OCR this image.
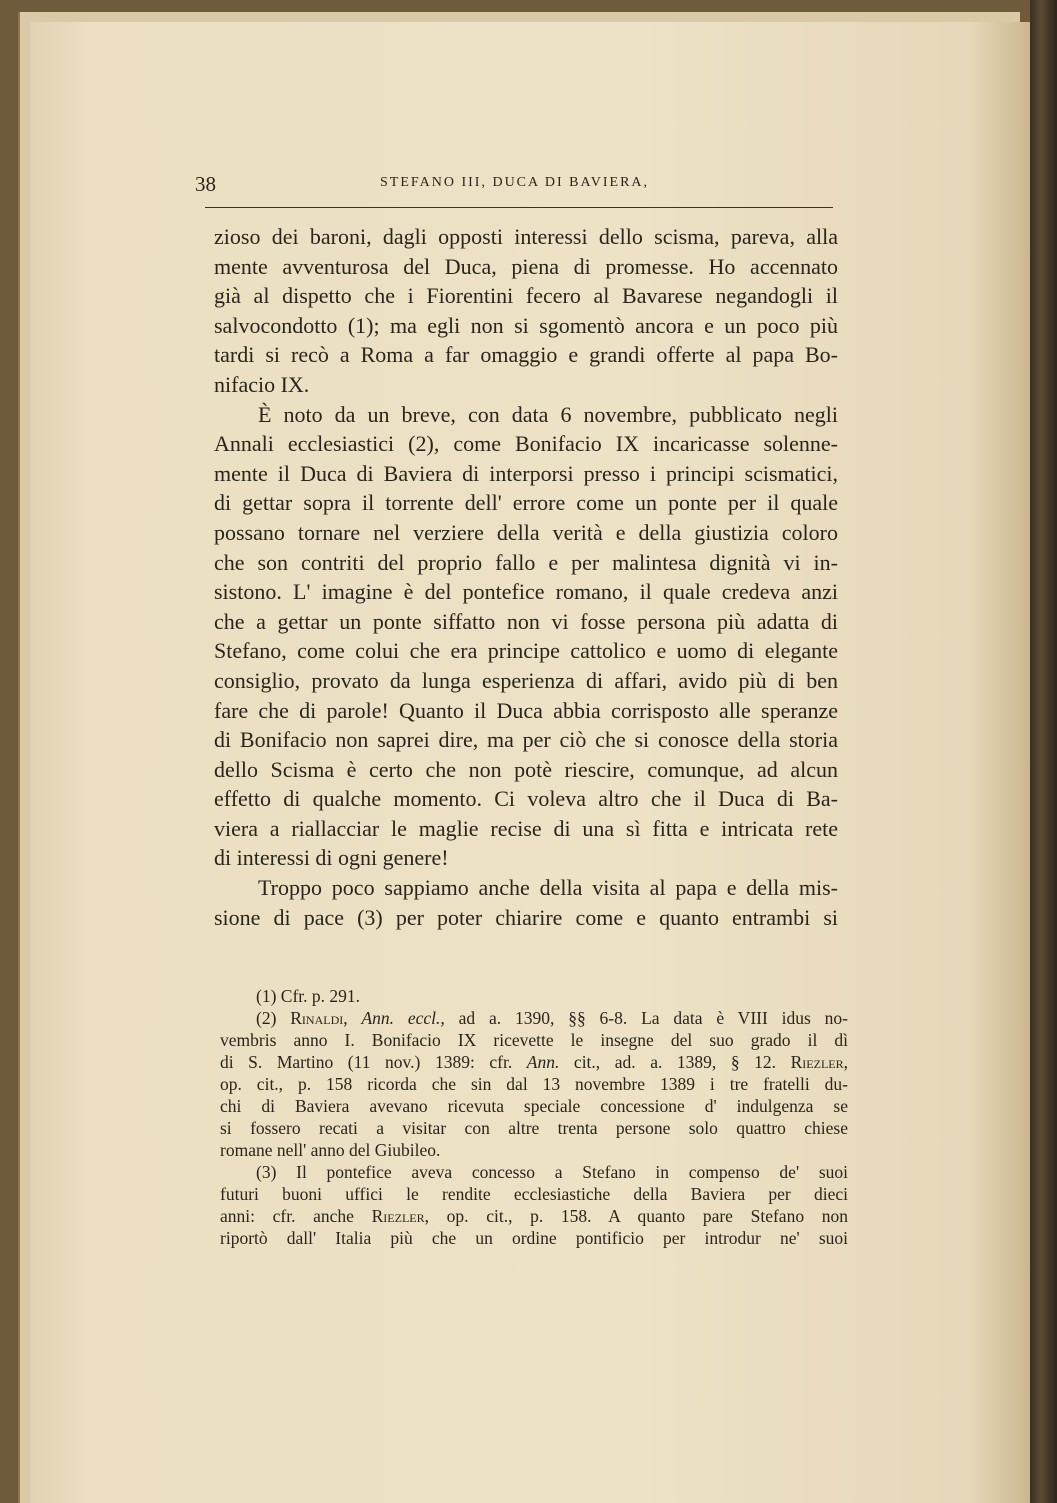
38	STEFANO III, DUCA DI BAVIERA,
zioso dei baroni, dagli opposti interessi dello scisma, pareva, alla
mente avventurosa del Duca, piena di promesse. Ho accennato
già al dispetto che i Fiorentini fecero al Bavarese negandogli il
salvocondotto (1); ma egli non si sgomentò ancora e un poco più
tardi si recò a Roma a far omaggio e grandi offerte al papa Bo-
nifacio IX.
È noto da un breve, con data 6 novembre, pubblicato negli
Annali ecclesiastici (2), come Bonifacio IX incaricasse solenne-
mente il Duca di Baviera di interporsi presso i principi scismatici,
di gettar sopra il torrente dell' errore come un ponte per il quale
possano tornare nel verziere della verità e della giustizia coloro
che son contriti del proprio fallo e per malintesa dignità vi in-
sistono. L' imagine è del pontefice romano, il quale credeva anzi
che a gettar un ponte siffatto non vi fosse persona più adatta di
Stefano, come colui che era principe cattolico e uomo di elegante
consiglio, provato da lunga esperienza di affari, avido più di ben
fare che di parole! Quanto il Duca abbia corrisposto alle speranze
di Bonifacio non saprei dire, ma per ciò che si conosce della storia
dello Scisma è certo che non potè riescire, comunque, ad alcun
effetto di qualche momento. Ci voleva altro che il Duca di Ba-
viera a riallacciar le maglie recise di una sì fitta e intricata rete
di interessi di ogni genere!
Troppo poco sappiamo anche della visita al papa e della mis-
sione di pace (3) per poter chiarire come e quanto entrambi si
(1) Cfr. p. 291.
(2) Rinaldi, Ann. eccl., ad a. 1390, §§ 6-8. La data è VIII idus no-
vembris anno I. Bonifacio IX ricevette le insegne del suo grado il dì
di S. Martino (11 nov.) 1389: cfr. Ann. cit., ad. a. 1389, § 12. Riezler,
op. cit., p. 158 ricorda che sin dal 13 novembre 1389 i tre fratelli du-
chi di Baviera avevano ricevuta speciale concessione d' indulgenza se
si fossero recati a visitar con altre trenta persone solo quattro chiese
romane nell' anno del Giubileo.
(3) Il pontefice aveva concesso a Stefano in compenso de' suoi
futuri buoni uffici le rendite ecclesiastiche della Baviera per dieci
anni: cfr. anche Riezler, op. cit., p. 158. A quanto pare Stefano non
riportò dall' Italia più che un ordine pontificio per introdur ne' suoi
